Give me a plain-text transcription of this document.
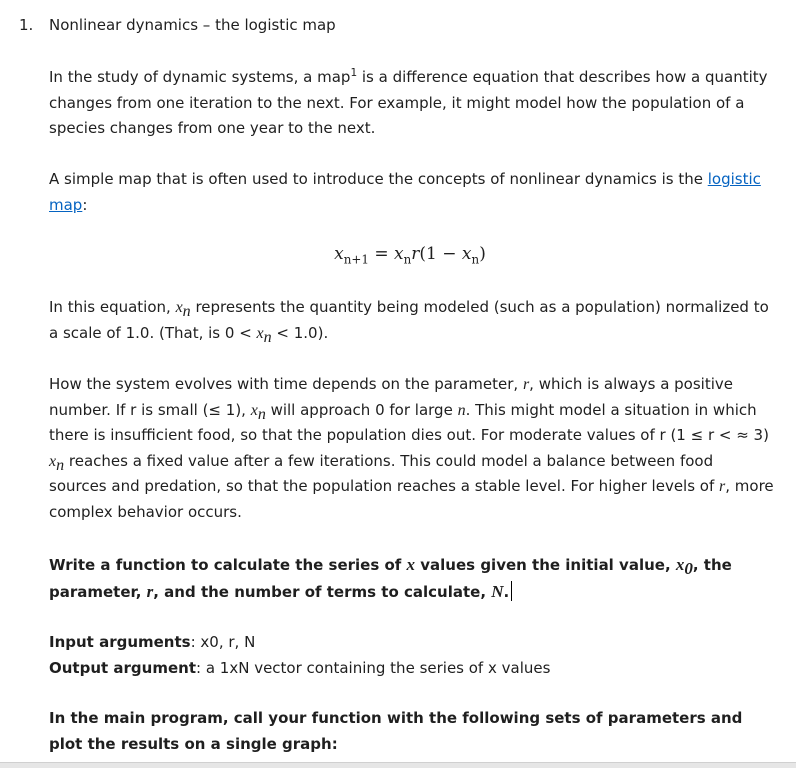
1. Nonlinear dynamics – the logistic map

In the study of dynamic systems, a map$^1$ is a difference equation that describes how a quantity changes from one iteration to the next. For example, it might model how the population of a species changes from one year to the next.

A simple map that is often used to introduce the concepts of nonlinear dynamics is the logistic map:

$x_{n+1} = x_nr(1 - x_n)$

In this equation, $x_n$ represents the quantity being modeled (such as a population) normalized to a scale of 1.0. (That, is $0 < x_n < 1.0$).

How the system evolves with time depends on the parameter, r, which is always a positive number. If r is small (≤ 1), $x_n$ will approach 0 for large n. This might model a situation in which there is insufficient food, so that the population dies out. For moderate values of r (1 ≤ r < ≈ 3) $x_n$ reaches a fixed value after a few iterations. This could model a balance between food sources and predation, so that the population reaches a stable level. For higher levels of r, more complex behavior occurs.

Write a function to calculate the series of x values given the initial value, $x_0$, the parameter, r, and the number of terms to calculate, N.

Input arguments: x0, r, N
Output argument: a 1xN vector containing the series of x values

In the main program, call your function with the following sets of parameters and plot the results on a single graph:
